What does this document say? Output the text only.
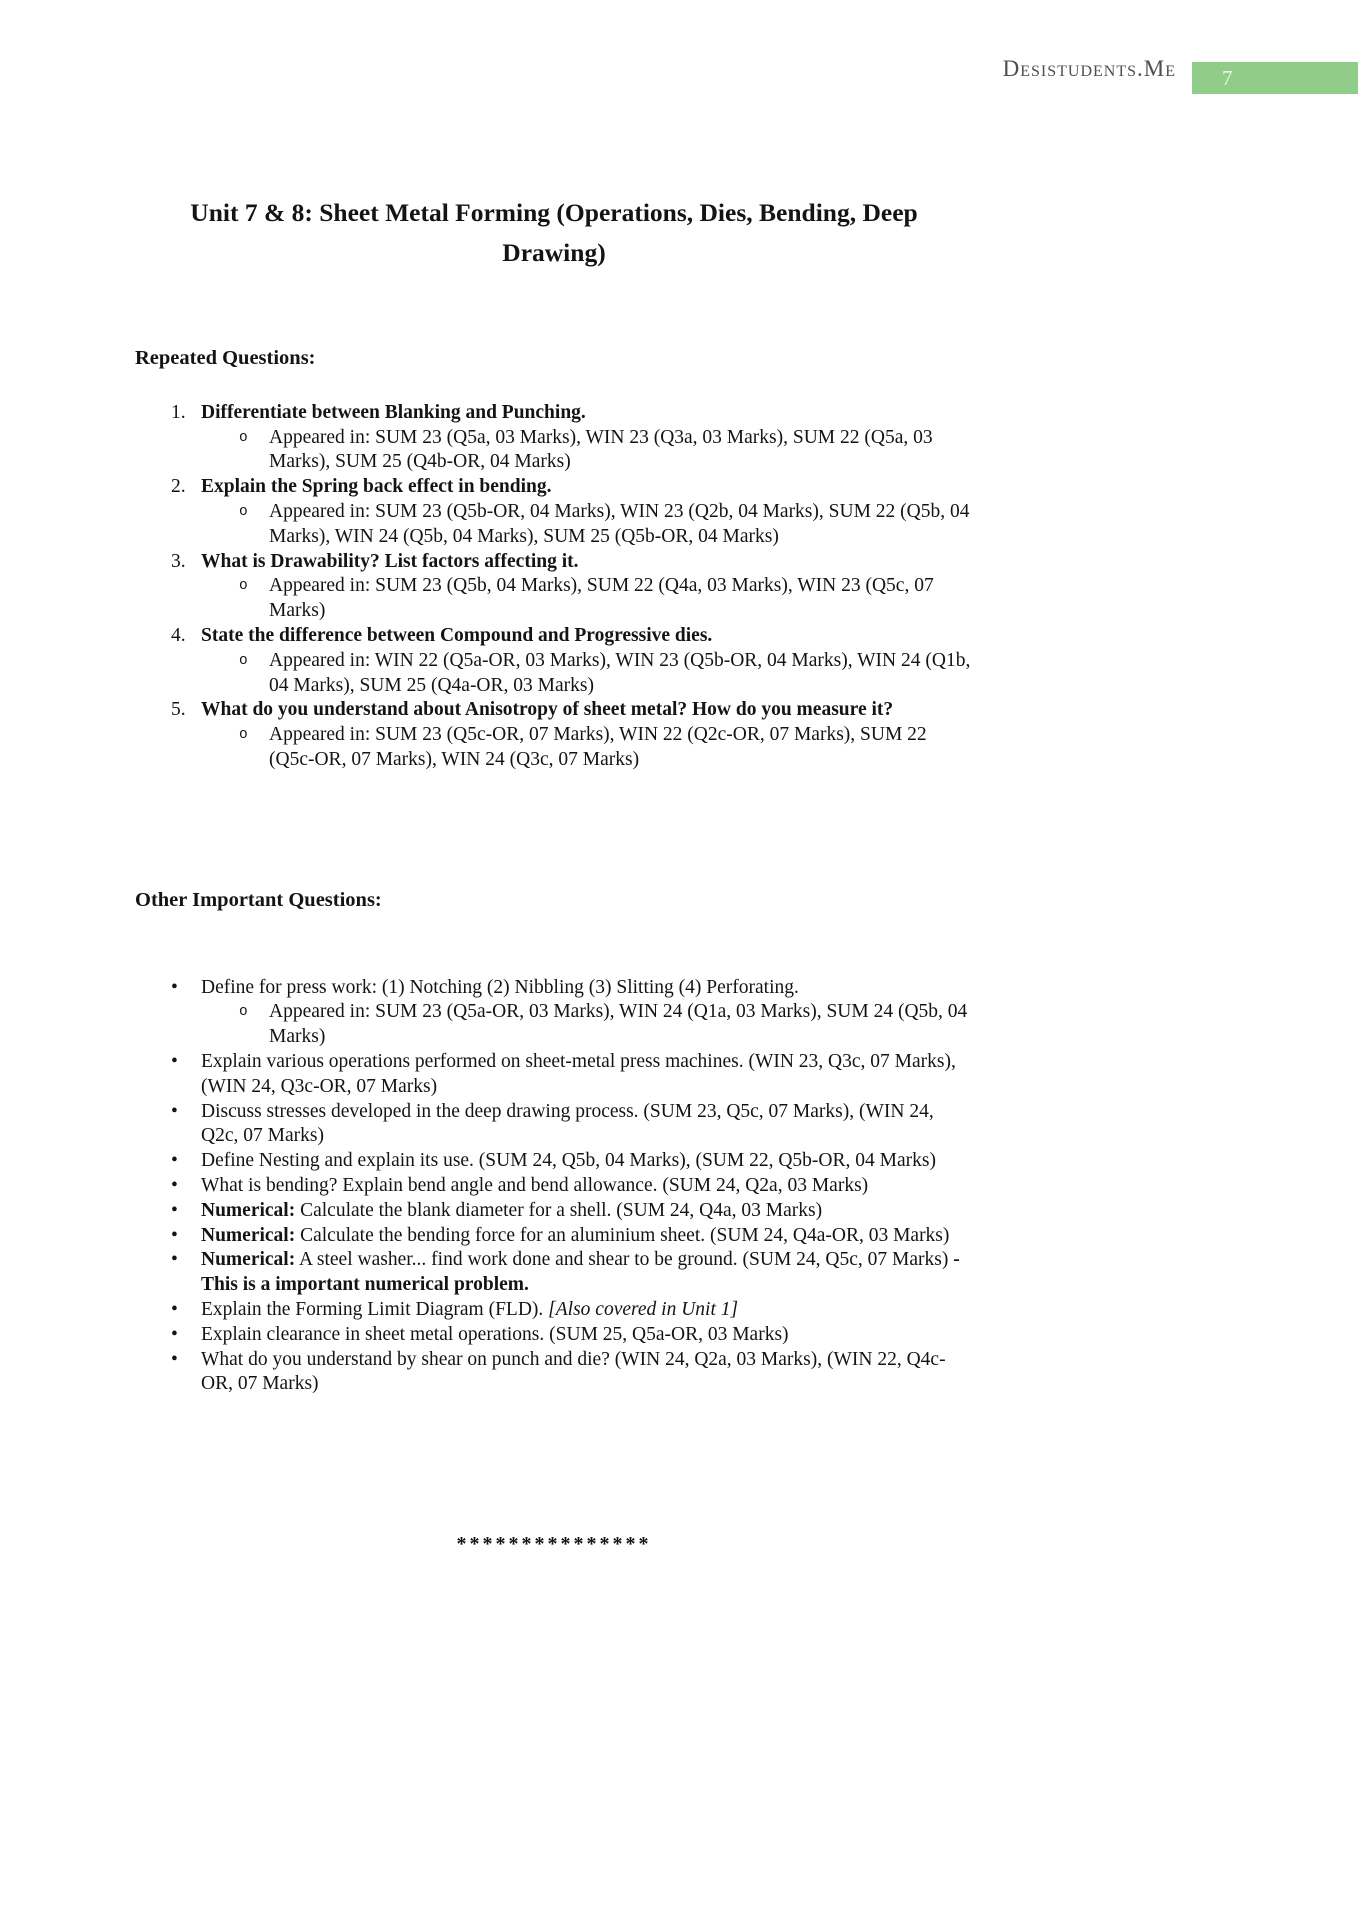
Desistudents.Me	7
Unit 7 & 8: Sheet Metal Forming (Operations, Dies, Bending, Deep Drawing)
Repeated Questions:
1. Differentiate between Blanking and Punching.
o	Appeared in: SUM 23 (Q5a, 03 Marks), WIN 23 (Q3a, 03 Marks), SUM 22 (Q5a, 03 Marks), SUM 25 (Q4b-OR, 04 Marks)
2. Explain the Spring back effect in bending.
o	Appeared in: SUM 23 (Q5b-OR, 04 Marks), WIN 23 (Q2b, 04 Marks), SUM 22 (Q5b, 04 Marks), WIN 24 (Q5b, 04 Marks), SUM 25 (Q5b-OR, 04 Marks)
3. What is Drawability? List factors affecting it.
o	Appeared in: SUM 23 (Q5b, 04 Marks), SUM 22 (Q4a, 03 Marks), WIN 23 (Q5c, 07 Marks)
4. State the difference between Compound and Progressive dies.
o	Appeared in: WIN 22 (Q5a-OR, 03 Marks), WIN 23 (Q5b-OR, 04 Marks), WIN 24 (Q1b, 04 Marks), SUM 25 (Q4a-OR, 03 Marks)
5. What do you understand about Anisotropy of sheet metal? How do you measure it?
o	Appeared in: SUM 23 (Q5c-OR, 07 Marks), WIN 22 (Q2c-OR, 07 Marks), SUM 22 (Q5c-OR, 07 Marks), WIN 24 (Q3c, 07 Marks)
Other Important Questions:
•	Define for press work: (1) Notching (2) Nibbling (3) Slitting (4) Perforating.

o	Appeared in: SUM 23 (Q5a-OR, 03 Marks), WIN 24 (Q1a, 03 Marks), SUM 24 (Q5b, 04 Marks)
•	Explain various operations performed on sheet-metal press machines. (WIN 23, Q3c, 07 Marks), (WIN 24, Q3c-OR, 07 Marks)

•	Discuss stresses developed in the deep drawing process. (SUM 23, Q5c, 07 Marks), (WIN 24, Q2c, 07 Marks)

•	Define Nesting and explain its use. (SUM 24, Q5b, 04 Marks), (SUM 22, Q5b-OR, 04 Marks)

•	What is bending? Explain bend angle and bend allowance. (SUM 24, Q2a, 03 Marks)

•	Numerical: Calculate the blank diameter for a shell. (SUM 24, Q4a, 03 Marks)

•	Numerical: Calculate the bending force for an aluminium sheet. (SUM 24, Q4a-OR, 03 Marks)

•	Numerical: A steel washer... find work done and shear to be ground. (SUM 24, Q5c, 07 Marks) - This is a important numerical problem.

•	Explain the Forming Limit Diagram (FLD). [Also covered in Unit 1]

•	Explain clearance in sheet metal operations. (SUM 25, Q5a-OR, 03 Marks)

•	What do you understand by shear on punch and die? (WIN 24, Q2a, 03 Marks), (WIN 22, Q4c-OR, 07 Marks)

***************
